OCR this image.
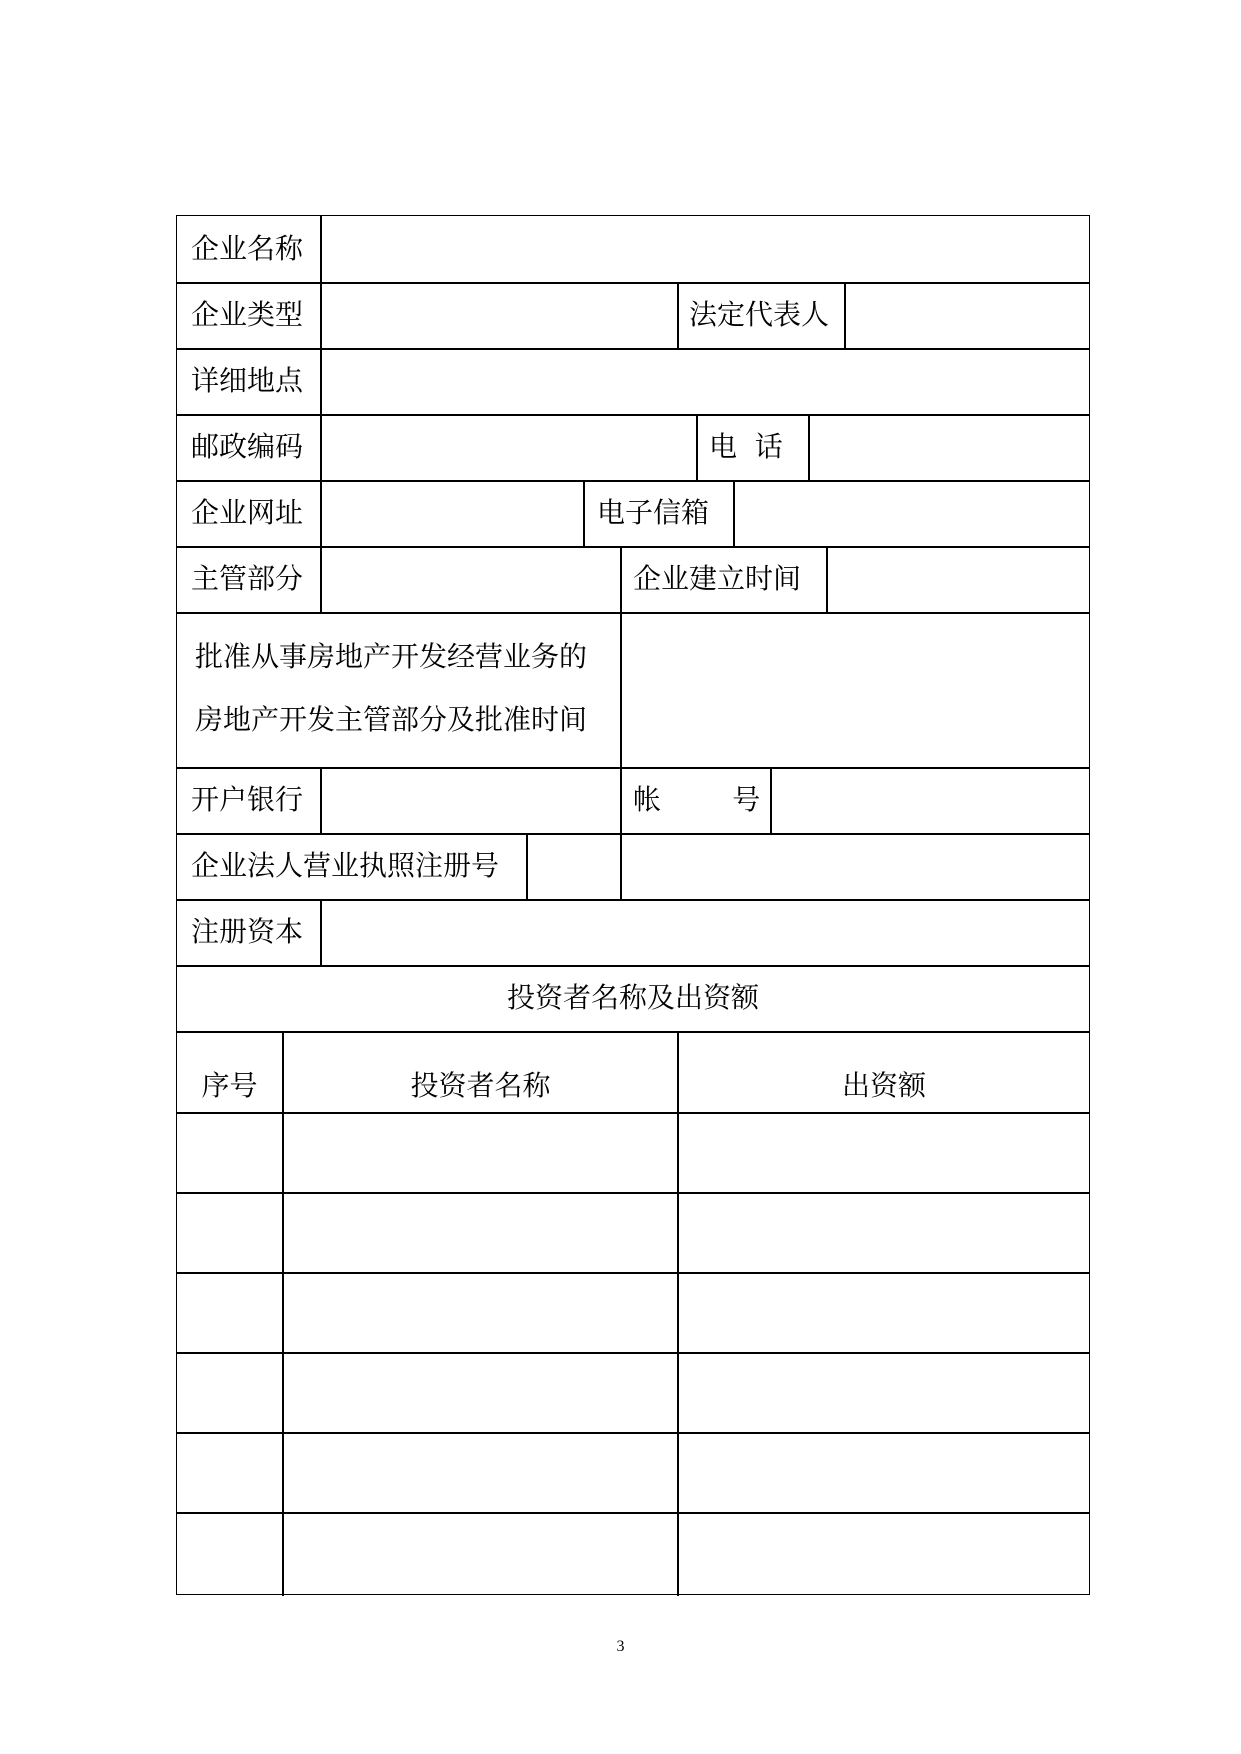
企业名称
企业类型	法定代表人
详细地点
邮政编码	电  话
企业网址	电子信箱
主管部分	企业建立时间
批准从事房地产开发经营业务的
房地产开发主管部分及批准时间
开户银行	帐        号
企业法人营业执照注册号
注册资本
投资者名称及出资额
序号	投资者名称	出资额
3
